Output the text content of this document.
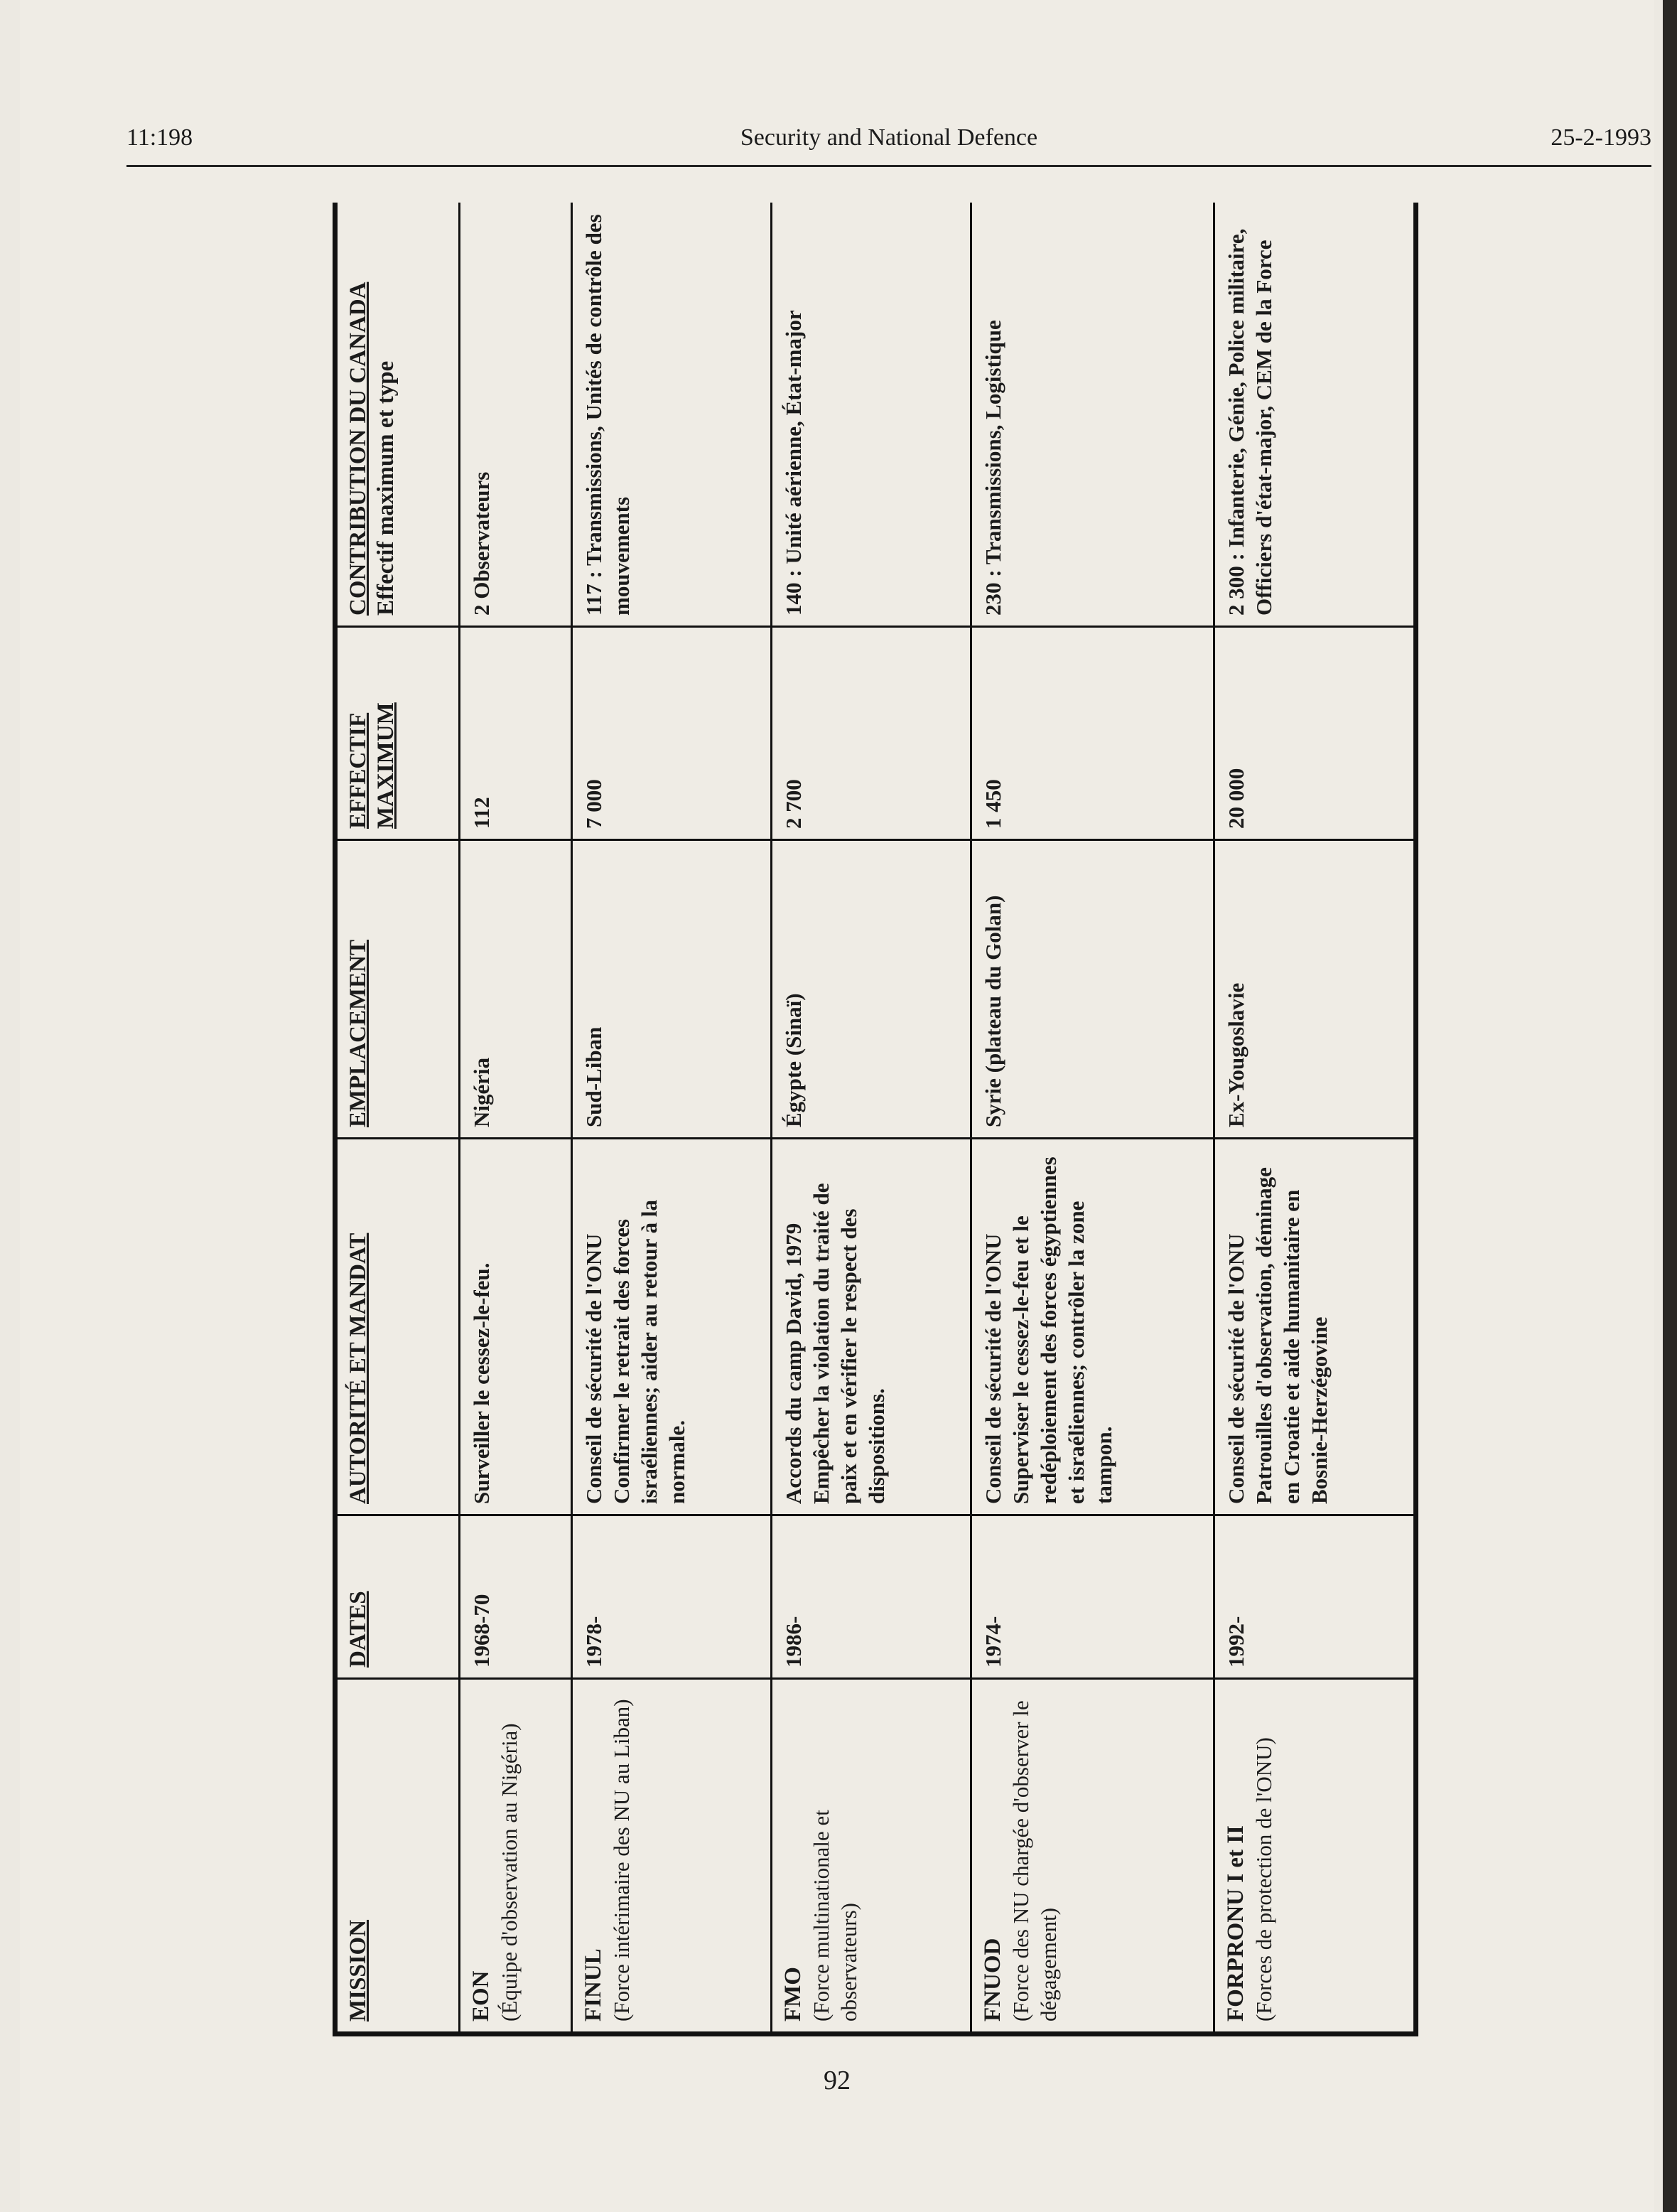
11:198	Security and National Defence	25-2-1993
MISSION	DATES	AUTORITÉ ET MANDAT	EMPLACEMENT	EFFECTIF MAXIMUM	CONTRIBUTION DU CANADA
Effectif maximum et type

EON (Équipe d'observation au Nigéria)	1968-70	Surveiller le cessez-le-feu.	Nigéria	112	2 Observateurs

FINUL (Force intérimaire des NU au Liban)	1978-	Conseil de sécurité de l'ONU Confirmer le retrait des forces israéliennes; aider au retour à la normale.	Sud-Liban	7 000	117 : Transmissions, Unités de contrôle des mouvements

FMO (Force multinationale et observateurs)	1986-	Accords du camp David, 1979 Empêcher la violation du traité de paix et en vérifier le respect des dispositions.	Égypte (Sinaï)	2 700	140 : Unité aérienne, État-major

FNUOD (Force des NU chargée d'observer le dégagement)	1974-	Conseil de sécurité de l'ONU Superviser le cessez-le-feu et le redéploiement des forces égyptiennes et israéliennes; contrôler la zone tampon.	Syrie (plateau du Golan)	1 450	230 : Transmissions, Logistique

FORPRONU I et II (Forces de protection de l'ONU)	1992-	Conseil de sécurité de l'ONU Patrouilles d'observation, déminage en Croatie et aide humanitaire en Bosnie-Herzégovine	Ex-Yougoslavie	20 000	2 300 : Infanterie, Génie, Police militaire, Officiers d'état-major, CEM de la Force
92
